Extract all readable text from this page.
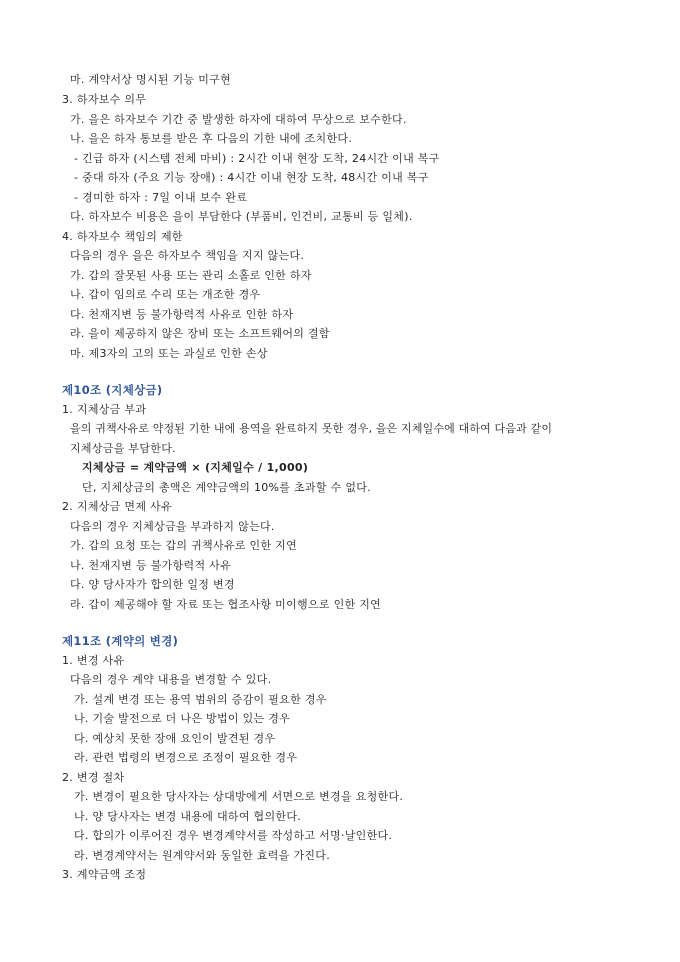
마. 계약서상 명시된 기능 미구현
3. 하자보수 의무
가. 을은 하자보수 기간 중 발생한 하자에 대하여 무상으로 보수한다.
나. 을은 하자 통보를 받은 후 다음의 기한 내에 조치한다.
- 긴급 하자 (시스템 전체 마비) : 2시간 이내 현장 도착, 24시간 이내 복구
- 중대 하자 (주요 기능 장애) : 4시간 이내 현장 도착, 48시간 이내 복구
- 경미한 하자 : 7일 이내 보수 완료
다. 하자보수 비용은 을이 부담한다 (부품비, 인건비, 교통비 등 일체).
4. 하자보수 책임의 제한
다음의 경우 을은 하자보수 책임을 지지 않는다.
가. 갑의 잘못된 사용 또는 관리 소홀로 인한 하자
나. 갑이 임의로 수리 또는 개조한 경우
다. 천재지변 등 불가항력적 사유로 인한 하자
라. 을이 제공하지 않은 장비 또는 소프트웨어의 결함
마. 제3자의 고의 또는 과실로 인한 손상
제10조 (지체상금)
1. 지체상금 부과
을의 귀책사유로 약정된 기한 내에 용역을 완료하지 못한 경우, 을은 지체일수에 대하여 다음과 같이
지체상금을 부담한다.
지체상금 = 계약금액 × (지체일수 / 1,000)
단, 지체상금의 총액은 계약금액의 10%를 초과할 수 없다.
2. 지체상금 면제 사유
다음의 경우 지체상금을 부과하지 않는다.
가. 갑의 요청 또는 갑의 귀책사유로 인한 지연
나. 천재지변 등 불가항력적 사유
다. 양 당사자가 합의한 일정 변경
라. 갑이 제공해야 할 자료 또는 협조사항 미이행으로 인한 지연
제11조 (계약의 변경)
1. 변경 사유
다음의 경우 계약 내용을 변경할 수 있다.
가. 설계 변경 또는 용역 범위의 증감이 필요한 경우
나. 기술 발전으로 더 나은 방법이 있는 경우
다. 예상치 못한 장애 요인이 발견된 경우
라. 관련 법령의 변경으로 조정이 필요한 경우
2. 변경 절차
가. 변경이 필요한 당사자는 상대방에게 서면으로 변경을 요청한다.
나. 양 당사자는 변경 내용에 대하여 협의한다.
다. 합의가 이루어진 경우 변경계약서를 작성하고 서명·날인한다.
라. 변경계약서는 원계약서와 동일한 효력을 가진다.
3. 계약금액 조정
